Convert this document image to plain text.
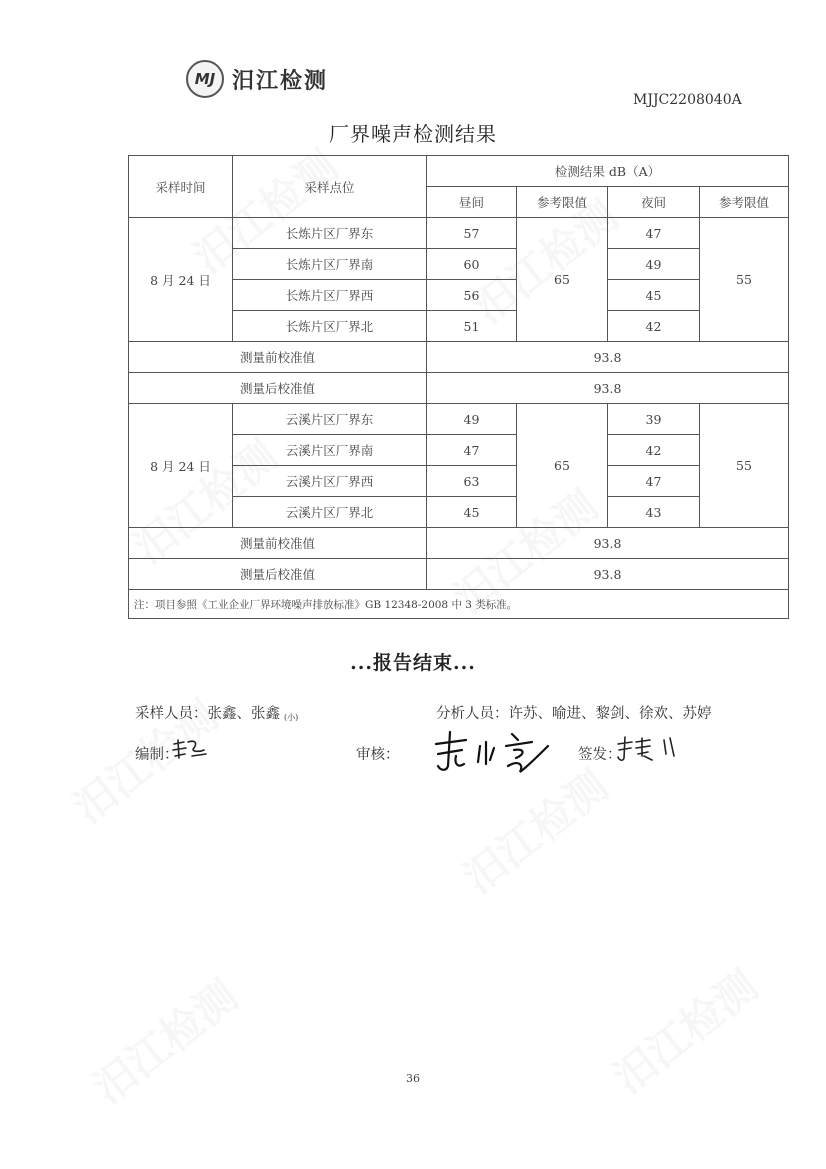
MJ 汨江检测
MJJC2208040A
厂界噪声检测结果
采样时间	采样点位	检测结果 dB（A）			
		昼间	参考限值	夜间	参考限值
8 月 24 日	长炼片区厂界东	57	65	47	55
	长炼片区厂界南	60		49	
	长炼片区厂界西	56		45	
	长炼片区厂界北	51		42	
测量前校准值		93.8			
测量后校准值		93.8			
8 月 24 日	云溪片区厂界东	49	65	39	55
	云溪片区厂界南	47		42	
	云溪片区厂界西	63		47	
	云溪片区厂界北	45		43	
测量前校准值		93.8			
测量后校准值		93.8			
注：项目参照《工业企业厂界环境噪声排放标准》GB 12348-2008 中 3 类标准。					
...报告结束...
采样人员：张鑫、张鑫 (小)	分析人员：许苏、喻进、黎剑、徐欢、苏婷
编制：	审核：	签发：
36
